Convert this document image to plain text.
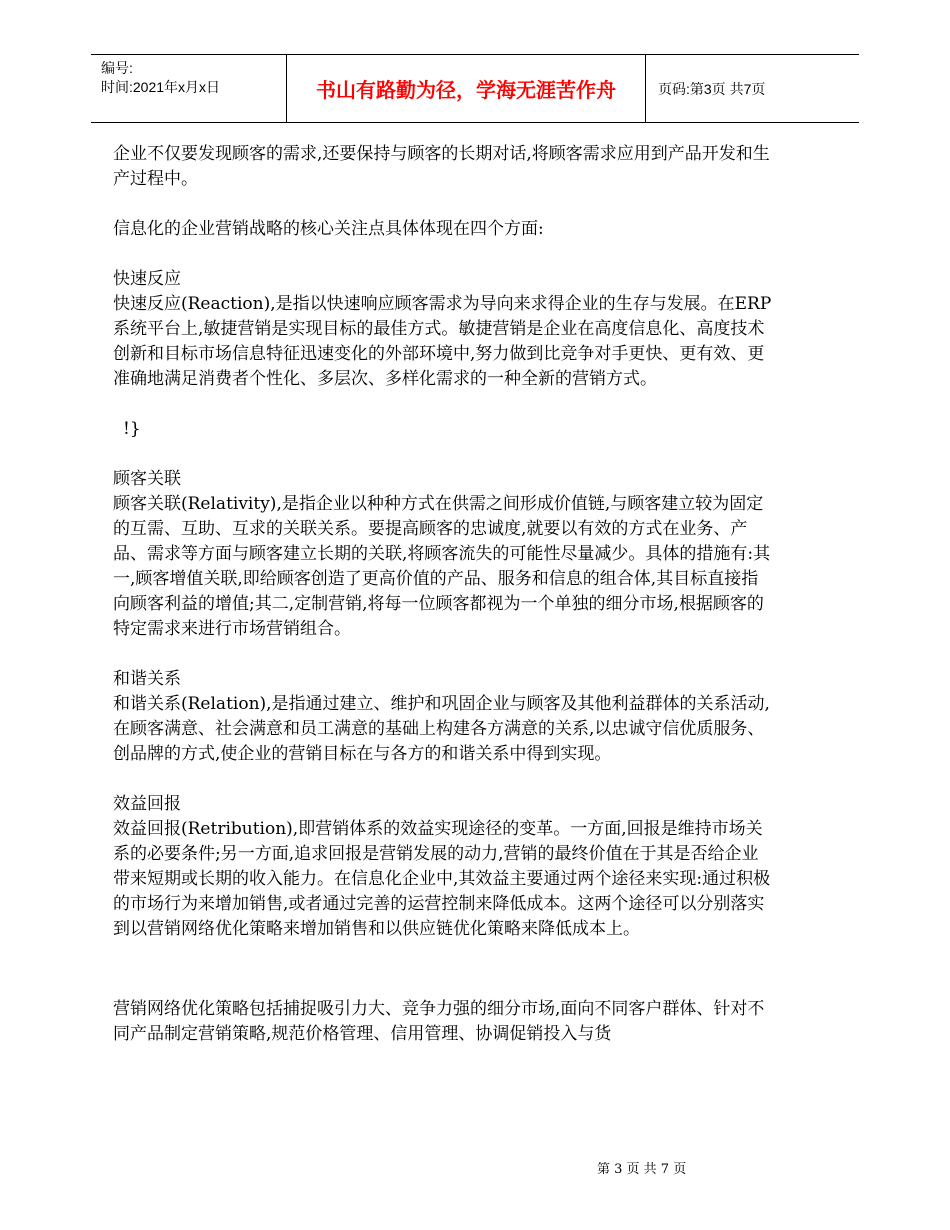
编号:
时间:2021年x月x日	书山有路勤为径，学海无涯苦作舟	页码:第3页 共7页

企业不仅要发现顾客的需求,还要保持与顾客的长期对话,将顾客需求应用到产品开发和生产过程中。

信息化的企业营销战略的核心关注点具体体现在四个方面:

快速反应

快速反应(Reaction),是指以快速响应顾客需求为导向来求得企业的生存与发展。在ERP系统平台上,敏捷营销是实现目标的最佳方式。敏捷营销是企业在高度信息化、高度技术创新和目标市场信息特征迅速变化的外部环境中,努力做到比竞争对手更快、更有效、更准确地满足消费者个性化、多层次、多样化需求的一种全新的营销方式。

!}

顾客关联

顾客关联(Relativity),是指企业以种种方式在供需之间形成价值链,与顾客建立较为固定的互需、互助、互求的关联关系。要提高顾客的忠诚度,就要以有效的方式在业务、产品、需求等方面与顾客建立长期的关联,将顾客流失的可能性尽量减少。具体的措施有:其一,顾客增值关联,即给顾客创造了更高价值的产品、服务和信息的组合体,其目标直接指向顾客利益的增值;其二,定制营销,将每一位顾客都视为一个单独的细分市场,根据顾客的特定需求来进行市场营销组合。

和谐关系

和谐关系(Relation),是指通过建立、维护和巩固企业与顾客及其他利益群体的关系活动,在顾客满意、社会满意和员工满意的基础上构建各方满意的关系,以忠诚守信优质服务、创品牌的方式,使企业的营销目标在与各方的和谐关系中得到实现。

效益回报

效益回报(Retribution),即营销体系的效益实现途径的变革。一方面,回报是维持市场关系的必要条件;另一方面,追求回报是营销发展的动力,营销的最终价值在于其是否给企业带来短期或长期的收入能力。在信息化企业中,其效益主要通过两个途径来实现:通过积极的市场行为来增加销售,或者通过完善的运营控制来降低成本。这两个途径可以分别落实到以营销网络优化策略来增加销售和以供应链优化策略来降低成本上。

营销网络优化策略包括捕捉吸引力大、竞争力强的细分市场,面向不同客户群体、针对不同产品制定营销策略,规范价格管理、信用管理、协调促销投入与货

第 3 页 共 7 页
